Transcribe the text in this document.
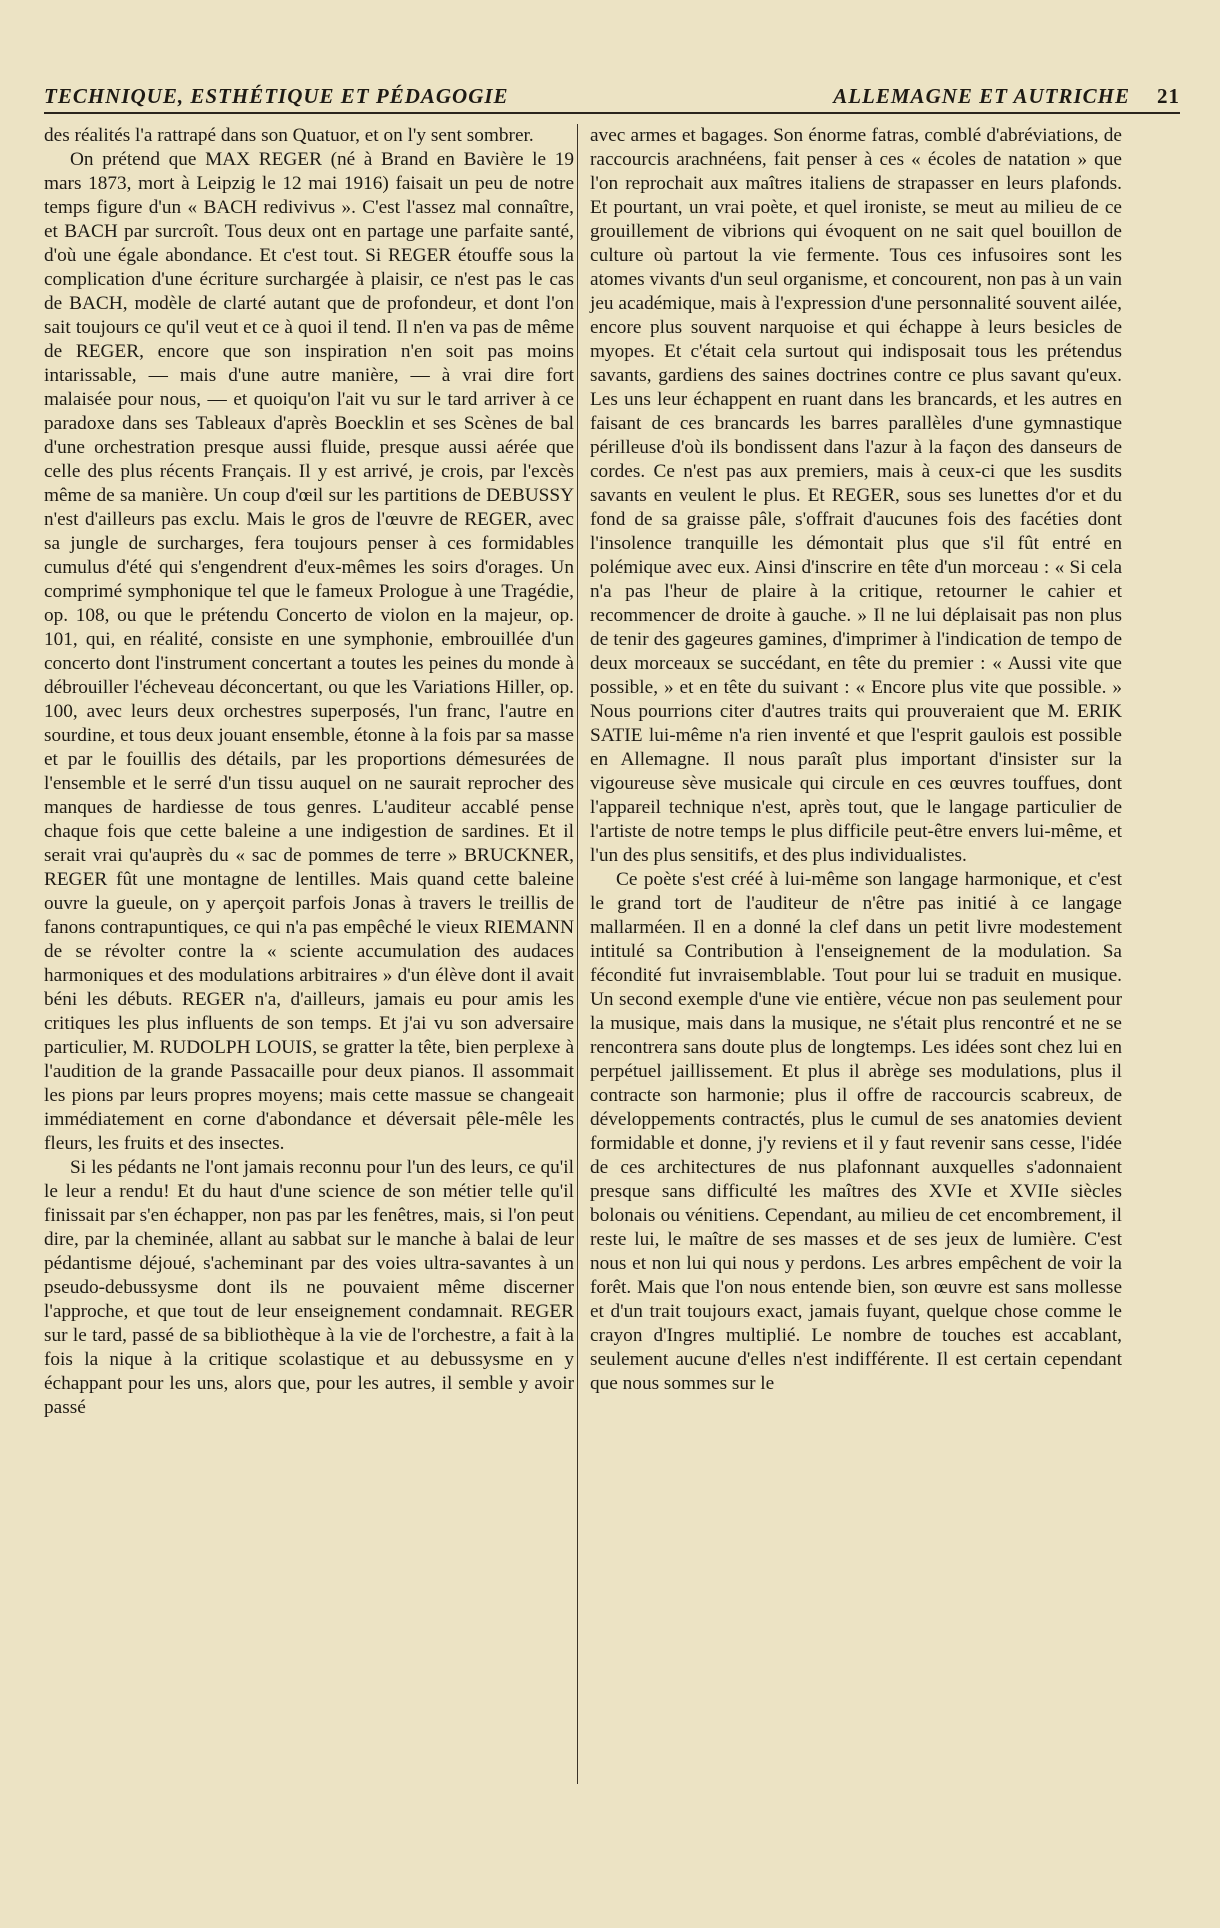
TECHNIQUE, ESTHÉTIQUE ET PÉDAGOGIE	ALLEMAGNE ET AUTRICHE 21

des réalités l'a rattrapé dans son Quatuor, et on l'y sent sombrer.

On prétend que MAX REGER (né à Brand en Bavière le 19 mars 1873, mort à Leipzig le 12 mai 1916) faisait un peu de notre temps figure d'un « BACH redivivus ». C'est l'assez mal connaître, et BACH par surcroît. Tous deux ont en partage une parfaite santé, d'où une égale abondance. Et c'est tout. Si REGER étouffe sous la complication d'une écriture surchargée à plaisir, ce n'est pas le cas de BACH, modèle de clarté autant que de profondeur, et dont l'on sait toujours ce qu'il veut et ce à quoi il tend. Il n'en va pas de même de REGER, encore que son inspiration n'en soit pas moins intarissable, — mais d'une autre manière, — à vrai dire fort malaisée pour nous, — et quoiqu'on l'ait vu sur le tard arriver à ce paradoxe dans ses Tableaux d'après Boecklin et ses Scènes de bal d'une orchestration presque aussi fluide, presque aussi aérée que celle des plus récents Français. Il y est arrivé, je crois, par l'excès même de sa manière. Un coup d'œil sur les partitions de DEBUSSY n'est d'ailleurs pas exclu. Mais le gros de l'œuvre de REGER, avec sa jungle de surcharges, fera toujours penser à ces formidables cumulus d'été qui s'engendrent d'eux-mêmes les soirs d'orages. Un comprimé symphonique tel que le fameux Prologue à une Tragédie, op. 108, ou que le prétendu Concerto de violon en la majeur, op. 101, qui, en réalité, consiste en une symphonie, embrouillée d'un concerto dont l'instrument concertant a toutes les peines du monde à débrouiller l'écheveau déconcertant, ou que les Variations Hiller, op. 100, avec leurs deux orchestres superposés, l'un franc, l'autre en sourdine, et tous deux jouant ensemble, étonne à la fois par sa masse et par le fouillis des détails, par les proportions démesurées de l'ensemble et le serré d'un tissu auquel on ne saurait reprocher des manques de hardiesse de tous genres. L'auditeur accablé pense chaque fois que cette baleine a une indigestion de sardines. Et il serait vrai qu'auprès du « sac de pommes de terre » BRUCKNER, REGER fût une montagne de lentilles. Mais quand cette baleine ouvre la gueule, on y aperçoit parfois Jonas à travers le treillis de fanons contrapuntiques, ce qui n'a pas empêché le vieux RIEMANN de se révolter contre la « sciente accumulation des audaces harmoniques et des modulations arbitraires » d'un élève dont il avait béni les débuts. REGER n'a, d'ailleurs, jamais eu pour amis les critiques les plus influents de son temps. Et j'ai vu son adversaire particulier, M. RUDOLPH LOUIS, se gratter la tête, bien perplexe à l'audition de la grande Passacaille pour deux pianos. Il assommait les pions par leurs propres moyens; mais cette massue se changeait immédiatement en corne d'abondance et déversait pêle-mêle les fleurs, les fruits et des insectes.

Si les pédants ne l'ont jamais reconnu pour l'un des leurs, ce qu'il le leur a rendu! Et du haut d'une science de son métier telle qu'il finissait par s'en échapper, non pas par les fenêtres, mais, si l'on peut dire, par la cheminée, allant au sabbat sur le manche à balai de leur pédantisme déjoué, s'acheminant par des voies ultra-savantes à un pseudo-debussysme dont ils ne pouvaient même discerner l'approche, et que tout de leur enseignement condamnait. REGER sur le tard, passé de sa bibliothèque à la vie de l'orchestre, a fait à la fois la nique à la critique scolastique et au debussysme en y échappant pour les uns, alors que, pour les autres, il semble y avoir passé

avec armes et bagages. Son énorme fatras, comblé d'abréviations, de raccourcis arachnéens, fait penser à ces « écoles de natation » que l'on reprochait aux maîtres italiens de strapasser en leurs plafonds. Et pourtant, un vrai poète, et quel ironiste, se meut au milieu de ce grouillement de vibrions qui évoquent on ne sait quel bouillon de culture où partout la vie fermente. Tous ces infusoires sont les atomes vivants d'un seul organisme, et concourent, non pas à un vain jeu académique, mais à l'expression d'une personnalité souvent ailée, encore plus souvent narquoise et qui échappe à leurs besicles de myopes. Et c'était cela surtout qui indisposait tous les prétendus savants, gardiens des saines doctrines contre ce plus savant qu'eux. Les uns leur échappent en ruant dans les brancards, et les autres en faisant de ces brancards les barres parallèles d'une gymnastique périlleuse d'où ils bondissent dans l'azur à la façon des danseurs de cordes. Ce n'est pas aux premiers, mais à ceux-ci que les susdits savants en veulent le plus. Et REGER, sous ses lunettes d'or et du fond de sa graisse pâle, s'offrait d'aucunes fois des facéties dont l'insolence tranquille les démontait plus que s'il fût entré en polémique avec eux. Ainsi d'inscrire en tête d'un morceau : « Si cela n'a pas l'heur de plaire à la critique, retourner le cahier et recommencer de droite à gauche. » Il ne lui déplaisait pas non plus de tenir des gageures gamines, d'imprimer à l'indication de tempo de deux morceaux se succédant, en tête du premier : « Aussi vite que possible, » et en tête du suivant : « Encore plus vite que possible. » Nous pourrions citer d'autres traits qui prouveraient que M. ERIK SATIE lui-même n'a rien inventé et que l'esprit gaulois est possible en Allemagne. Il nous paraît plus important d'insister sur la vigoureuse sève musicale qui circule en ces œuvres touffues, dont l'appareil technique n'est, après tout, que le langage particulier de l'artiste de notre temps le plus difficile peut-être envers lui-même, et l'un des plus sensitifs, et des plus individualistes.

Ce poète s'est créé à lui-même son langage harmonique, et c'est le grand tort de l'auditeur de n'être pas initié à ce langage mallarméen. Il en a donné la clef dans un petit livre modestement intitulé sa Contribution à l'enseignement de la modulation. Sa fécondité fut invraisemblable. Tout pour lui se traduit en musique. Un second exemple d'une vie entière, vécue non pas seulement pour la musique, mais dans la musique, ne s'était plus rencontré et ne se rencontrera sans doute plus de longtemps. Les idées sont chez lui en perpétuel jaillissement. Et plus il abrège ses modulations, plus il contracte son harmonie; plus il offre de raccourcis scabreux, de développements contractés, plus le cumul de ses anatomies devient formidable et donne, j'y reviens et il y faut revenir sans cesse, l'idée de ces architectures de nus plafonnant auxquelles s'adonnaient presque sans difficulté les maîtres des XVIe et XVIIe siècles bolonais ou vénitiens. Cependant, au milieu de cet encombrement, il reste lui, le maître de ses masses et de ses jeux de lumière. C'est nous et non lui qui nous y perdons. Les arbres empêchent de voir la forêt. Mais que l'on nous entende bien, son œuvre est sans mollesse et d'un trait toujours exact, jamais fuyant, quelque chose comme le crayon d'Ingres multiplié. Le nombre de touches est accablant, seulement aucune d'elles n'est indifférente. Il est certain cependant que nous sommes sur le
